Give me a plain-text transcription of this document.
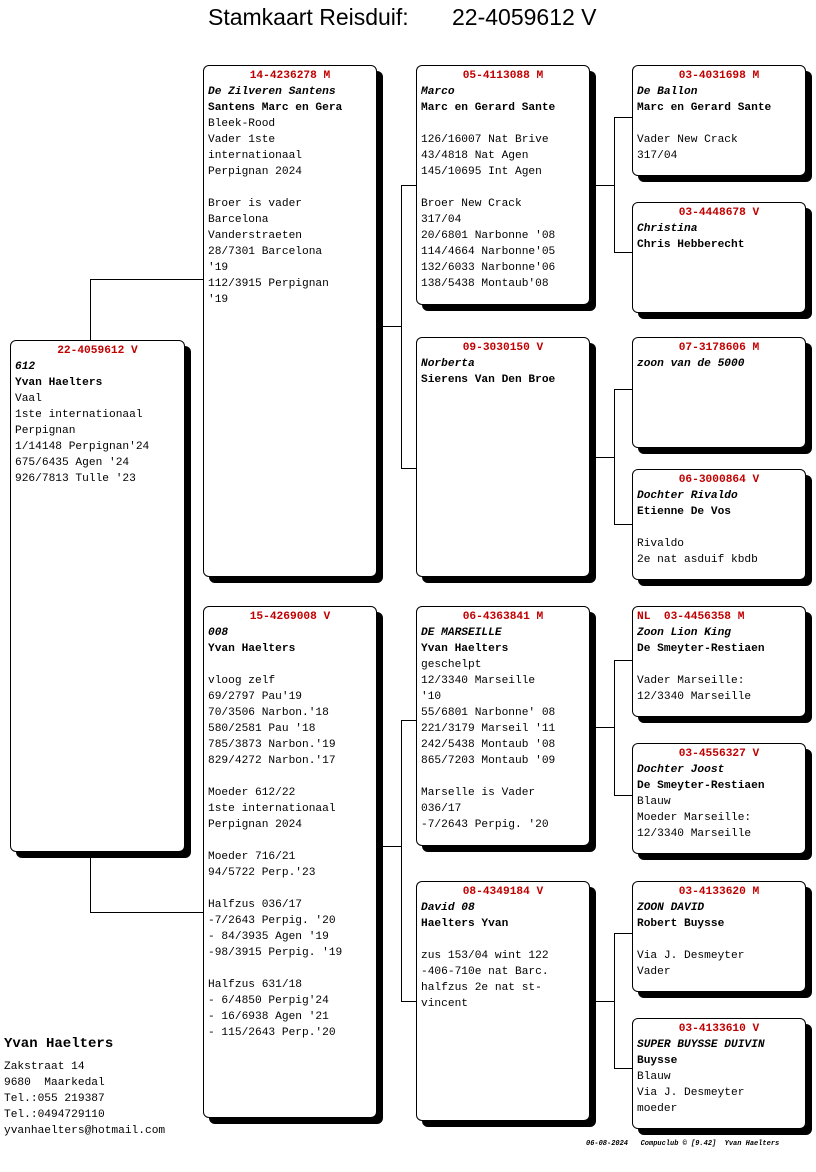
Stamkaart Reisduif: 22-4059612 V
22-4059612 V
612
Yvan Haelters
Vaal
1ste internationaal
Perpignan
1/14148 Perpignan'24
675/6435 Agen '24
926/7813 Tulle '23
14-4236278 M
De Zilveren Santens
Santens Marc en Gera
Bleek-Rood
Vader 1ste
internationaal
Perpignan 2024

Broer is vader
Barcelona
Vanderstraeten
28/7301 Barcelona
'19
112/3915 Perpignan
'19
15-4269008 V
008
Yvan Haelters

vloog zelf
69/2797 Pau'19
70/3506 Narbon.'18
580/2581 Pau '18
785/3873 Narbon.'19
829/4272 Narbon.'17

Moeder 612/22
1ste internationaal
Perpignan 2024

Moeder 716/21
94/5722 Perp.'23

Halfzus 036/17
-7/2643 Perpig. '20
- 84/3935 Agen '19
-98/3915 Perpig. '19

Halfzus 631/18
- 6/4850 Perpig'24
- 16/6938 Agen '21
- 115/2643 Perp.'20
05-4113088 M
Marco
Marc en Gerard Sante

126/16007 Nat Brive
43/4818 Nat Agen
145/10695 Int Agen

Broer New Crack
317/04
20/6801 Narbonne '08
114/4664 Narbonne'05
132/6033 Narbonne'06
138/5438 Montaub'08
09-3030150 V
Norberta
Sierens Van Den Broe
06-4363841 M
DE MARSEILLE
Yvan Haelters
geschelpt
12/3340 Marseille
'10
55/6801 Narbonne' 08
221/3179 Marseil '11
242/5438 Montaub '08
865/7203 Montaub '09

Marselle is Vader
036/17
-7/2643 Perpig. '20
08-4349184 V
David 08
Haelters Yvan

zus 153/04 wint 122
-406-710e nat Barc.
halfzus 2e nat st-
vincent
03-4031698 M
De Ballon
Marc en Gerard Sante

Vader New Crack
317/04
03-4448678 V
Christina
Chris Hebberecht
07-3178606 M
zoon van de 5000
06-3000864 V
Dochter Rivaldo
Etienne De Vos

Rivaldo
2e nat asduif kbdb
NL 03-4456358 M
Zoon Lion King
De Smeyter-Restiaen

Vader Marseille:
12/3340 Marseille
03-4556327 V
Dochter Joost
De Smeyter-Restiaen
Blauw
Moeder Marseille:
12/3340 Marseille
03-4133620 M
ZOON DAVID
Robert Buysse

Via J. Desmeyter
Vader
03-4133610 V
SUPER BUYSSE DUIVIN
Buysse
Blauw
Via J. Desmeyter
moeder
Yvan Haelters
Zakstraat 14
9680  Maarkedal
Tel.:055 219387
Tel.:0494729110
yvanhaelters@hotmail.com
06-08-2024   Compuclub © [9.42]  Yvan Haelters
